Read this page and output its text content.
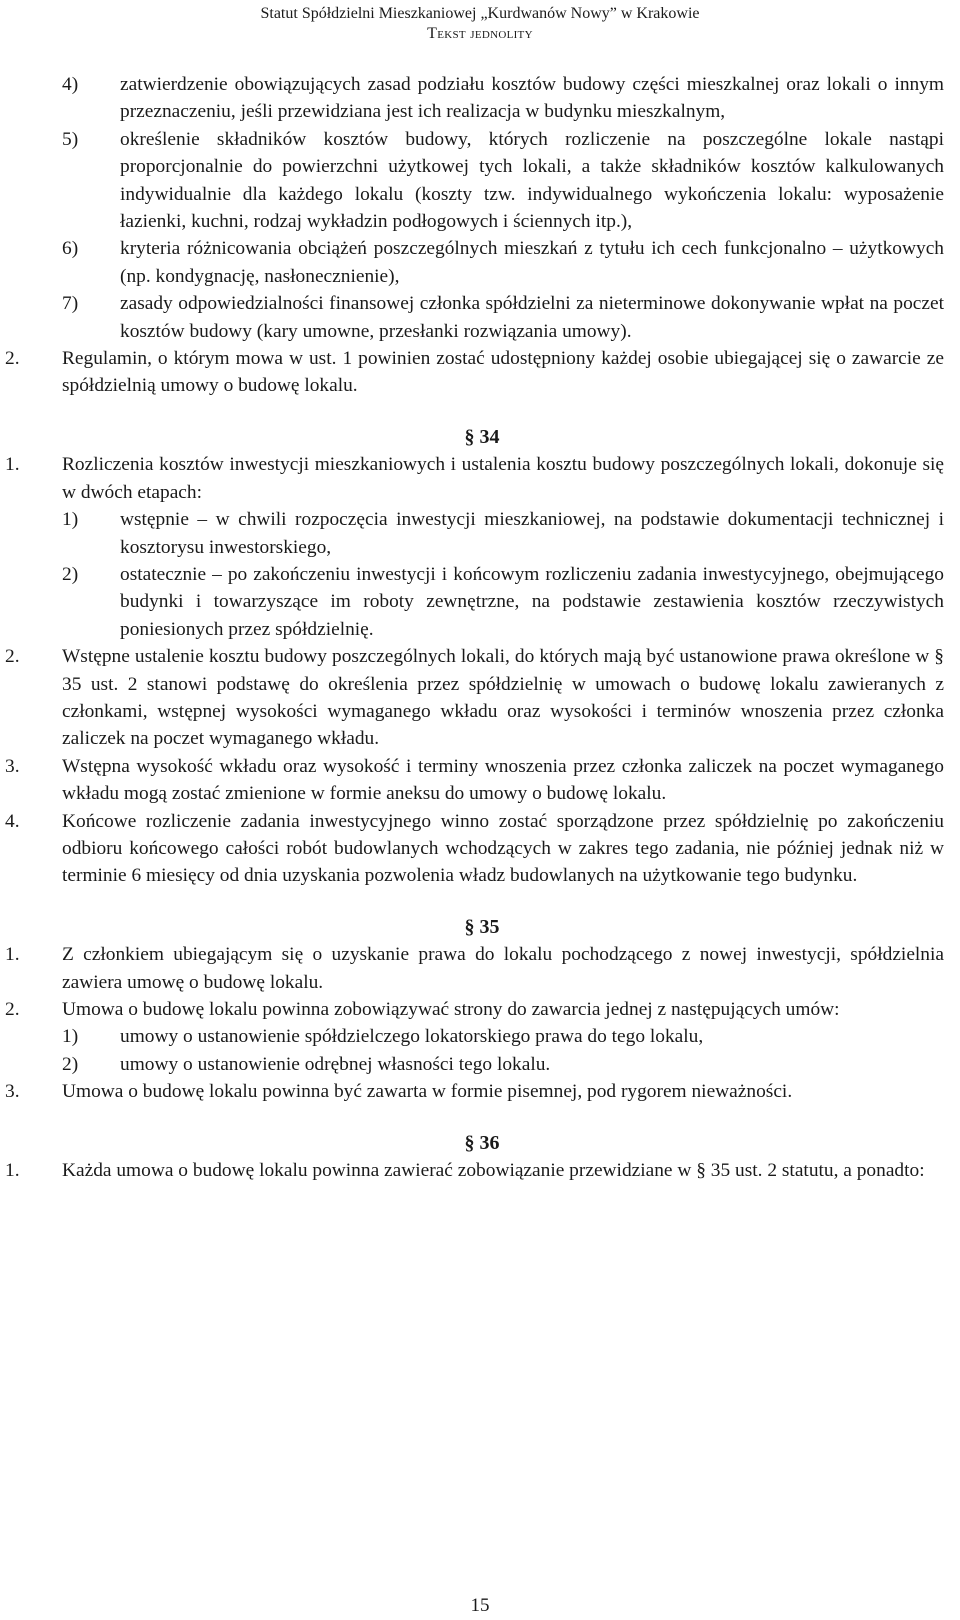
Statut Spółdzielni Mieszkaniowej „Kurdwanów Nowy” w Krakowie
Tekst jednolity
4) zatwierdzenie obowiązujących zasad podziału kosztów budowy części mieszkalnej oraz lokali o innym przeznaczeniu, jeśli przewidziana jest ich realizacja w budynku mieszkalnym,
5) określenie składników kosztów budowy, których rozliczenie na poszczególne lokale nastąpi proporcjonalnie do powierzchni użytkowej tych lokali, a także składników kosztów kalkulowanych indywidualnie dla każdego lokalu (koszty tzw. indywidualnego wykończenia lokalu: wyposażenie łazienki, kuchni, rodzaj wykładzin podłogowych i ściennych itp.),
6) kryteria różnicowania obciążeń poszczególnych mieszkań z tytułu ich cech funkcjonalno – użytkowych (np. kondygnację, nasłonecznienie),
7) zasady odpowiedzialności finansowej członka spółdzielni za nieterminowe dokonywanie wpłat na poczet kosztów budowy (kary umowne, przesłanki rozwiązania umowy).
2. Regulamin, o którym mowa w ust. 1 powinien zostać udostępniony każdej osobie ubiegającej się o zawarcie ze spółdzielnią umowy o budowę lokalu.
§ 34
1. Rozliczenia kosztów inwestycji mieszkaniowych i ustalenia kosztu budowy poszczególnych lokali, dokonuje się w dwóch etapach:
1) wstępnie – w chwili rozpoczęcia inwestycji mieszkaniowej, na podstawie dokumentacji technicznej i kosztorysu inwestorskiego,
2) ostatecznie – po zakończeniu inwestycji i końcowym rozliczeniu zadania inwestycyjnego, obejmującego budynki i towarzyszące im roboty zewnętrzne, na podstawie zestawienia kosztów rzeczywistych poniesionych przez spółdzielnię.
2. Wstępne ustalenie kosztu budowy poszczególnych lokali, do których mają być ustanowione prawa określone w § 35 ust. 2 stanowi podstawę do określenia przez spółdzielnię w umowach o budowę lokalu zawieranych z członkami, wstępnej wysokości wymaganego wkładu oraz wysokości i terminów wnoszenia przez członka zaliczek na poczet wymaganego wkładu.
3. Wstępna wysokość wkładu oraz wysokość i terminy wnoszenia przez członka zaliczek na poczet wymaganego wkładu mogą zostać zmienione w formie aneksu do umowy o budowę lokalu.
4. Końcowe rozliczenie zadania inwestycyjnego winno zostać sporządzone przez spółdzielnię po zakończeniu odbioru końcowego całości robót budowlanych wchodzących w zakres tego zadania, nie później jednak niż w terminie 6 miesięcy od dnia uzyskania pozwolenia władz budowlanych na użytkowanie tego budynku.
§ 35
1. Z członkiem ubiegającym się o uzyskanie prawa do lokalu pochodzącego z nowej inwestycji, spółdzielnia zawiera umowę o budowę lokalu.
2. Umowa o budowę lokalu powinna zobowiązywać strony do zawarcia jednej z następujących umów:
1) umowy o ustanowienie spółdzielczego lokatorskiego prawa do tego lokalu,
2) umowy o ustanowienie odrębnej własności tego lokalu.
3. Umowa o budowę lokalu powinna być zawarta w formie pisemnej, pod rygorem nieważności.
§ 36
1. Każda umowa o budowę lokalu powinna zawierać zobowiązanie przewidziane w § 35 ust. 2 statutu, a ponadto:
15
